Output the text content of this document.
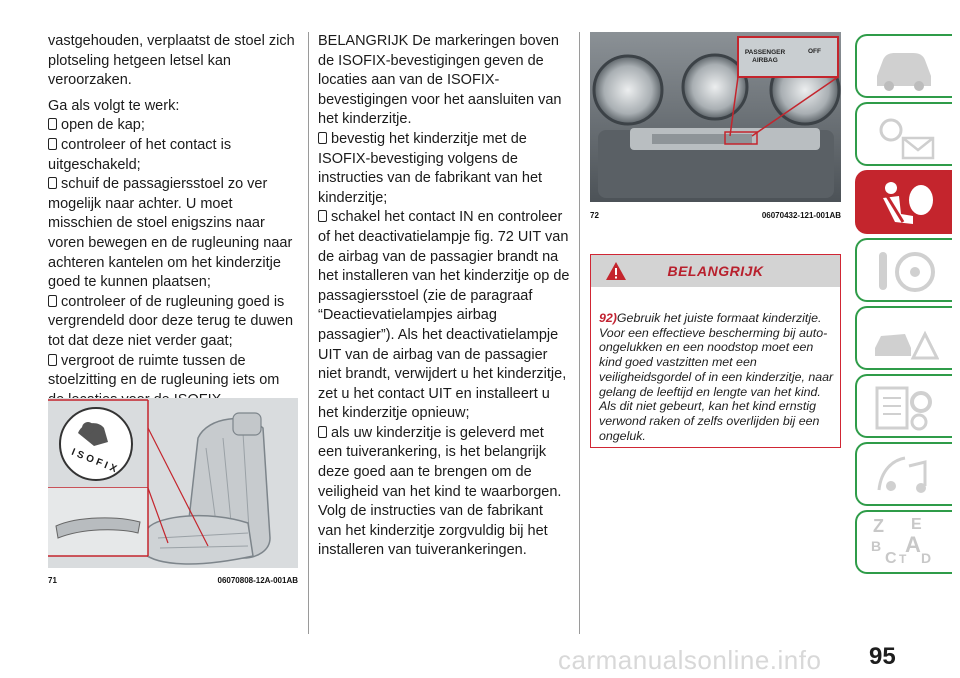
vastgehouden, verplaatst de stoel zich plotseling hetgeen letsel kan veroorzaken.

Ga als volgt te werk:

open de kap;

controleer of het contact is uitgeschakeld;

schuif de passagiersstoel zo ver mogelijk naar achter. U moet misschien de stoel enigszins naar voren bewegen en de rugleuning naar achteren kantelen om het kinderzitje goed te kunnen plaatsen;

controleer of de rugleuning goed is vergrendeld door deze terug te duwen tot dat deze niet verder gaat;

vergroot de ruimte tussen de stoelzitting en de rugleuning iets om

ISOFIX
71	06070808-12A-001AB

BELANGRIJK De markeringen boven de ISOFIX-bevestigingen geven de locaties aan van de ISOFIX-bevestigingen voor het aansluiten van het kinderzitje.

bevestig het kinderzitje met de ISOFIX-bevestiging volgens de instructies van de fabrikant van het kinderzitje;

schakel het contact IN en controleer of het deactivatielampje fig. 72 UIT van de airbag van de passagier brandt na het installeren van het kinderzitje op de passagiersstoel (zie de paragraaf “Deactievatielampjes airbag passagier”). Als het deactivatielampje UIT van de airbag van de passagier niet brandt, verwijdert u het kinderzitje, zet u het contact UIT en installeert u het kinderzitje opnieuw;

als uw kinderzitje is geleverd met een tuiverankering, is het belangrijk deze goed aan te brengen om de veiligheid van het kind te waarborgen. Volg de instructies van de fabrikant van het kinderzitje zorgvuldig bij het installeren van tuiverankeringen.

PASSENGER
AIRBAG
OFF
72	06070432-121-001AB
BELANGRIJK
92)Gebruik het juiste formaat kinderzitje. Voor een effectieve bescherming bij auto-ongelukken en een noodstop moet een kind goed vastzitten met een veiligheidsgordel of in een kinderzitje, naar gelang de leeftijd en lengte van het kind. Als dit niet gebeurt, kan het kind ernstig verwond raken of zelfs overlijden bij een ongeluk.
Z E
B A
C T D
carmanualsonline.info 95
